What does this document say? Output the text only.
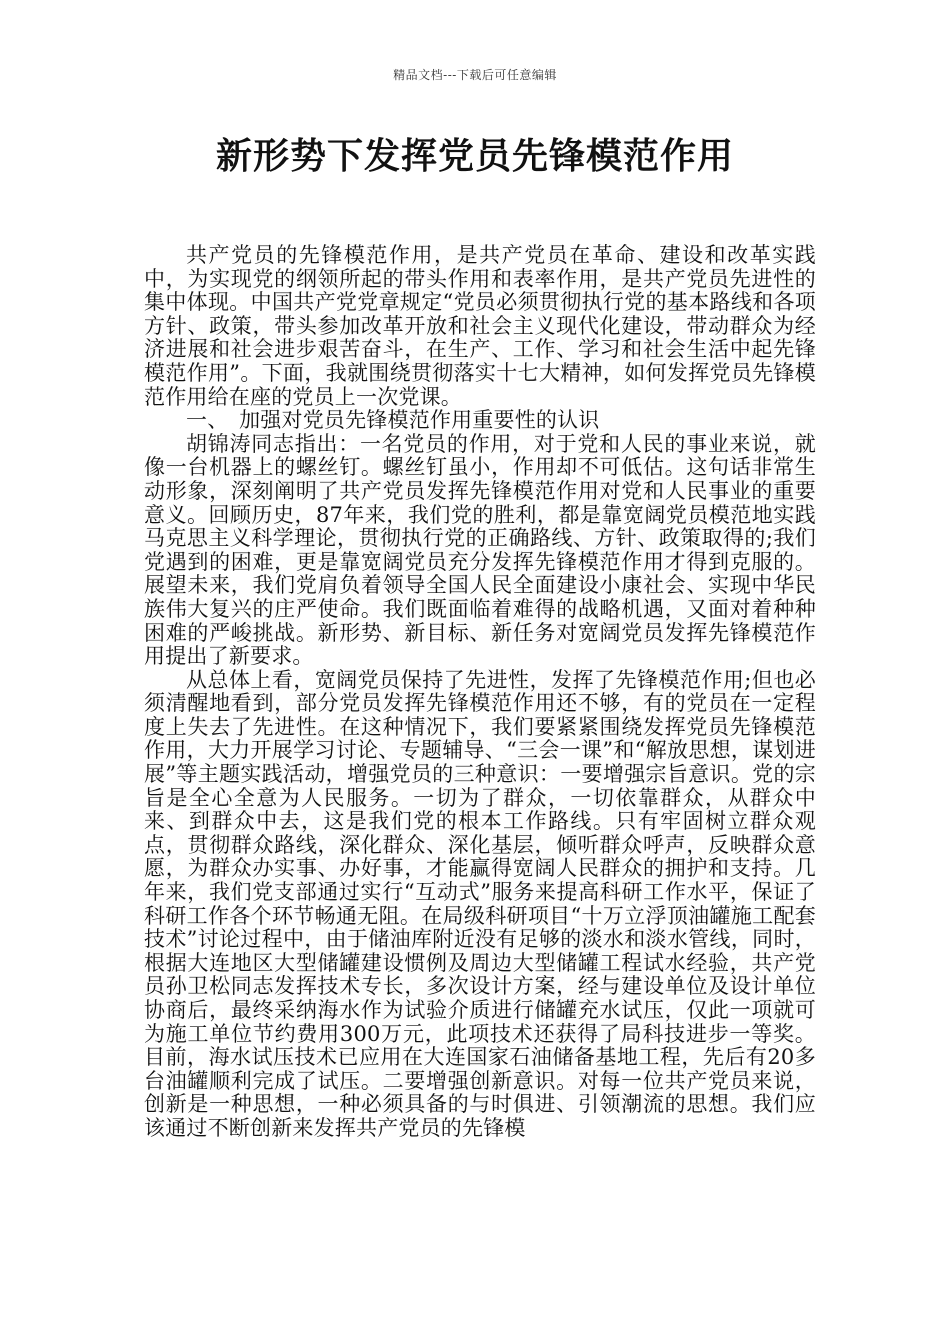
精品文档---下载后可任意编辑
新形势下发挥党员先锋模范作用

共产党员的先锋模范作用，是共产党员在革命、建设和改革实践中，为实现党的纲领所起的带头作用和表率作用，是共产党员先进性的集中体现。中国共产党党章规定“党员必须贯彻执行党的基本路线和各项方针、政策，带头参加改革开放和社会主义现代化建设，带动群众为经济进展和社会进步艰苦奋斗，在生产、工作、学习和社会生活中起先锋模范作用”。下面，我就围绕贯彻落实十七大精神，如何发挥党员先锋模范作用给在座的党员上一次党课。

一、　加强对党员先锋模范作用重要性的认识

胡锦涛同志指出：一名党员的作用，对于党和人民的事业来说，就像一台机器上的螺丝钉。螺丝钉虽小，作用却不可低估。这句话非常生动形象，深刻阐明了共产党员发挥先锋模范作用对党和人民事业的重要意义。回顾历史，87年来，我们党的胜利，都是靠宽阔党员模范地实践马克思主义科学理论，贯彻执行党的正确路线、方针、政策取得的;我们党遇到的困难，更是靠宽阔党员充分发挥先锋模范作用才得到克服的。展望未来，我们党肩负着领导全国人民全面建设小康社会、实现中华民族伟大复兴的庄严使命。我们既面临着难得的战略机遇，又面对着种种困难的严峻挑战。新形势、新目标、新任务对宽阔党员发挥先锋模范作用提出了新要求。

从总体上看，宽阔党员保持了先进性，发挥了先锋模范作用;但也必须清醒地看到，部分党员发挥先锋模范作用还不够，有的党员在一定程度上失去了先进性。在这种情况下，我们要紧紧围绕发挥党员先锋模范作用，大力开展学习讨论、专题辅导、“三会一课”和“解放思想，谋划进展”等主题实践活动，增强党员的三种意识：一要增强宗旨意识。党的宗旨是全心全意为人民服务。一切为了群众，一切依靠群众，从群众中来、到群众中去，这是我们党的根本工作路线。只有牢固树立群众观点，贯彻群众路线，深化群众、深化基层，倾听群众呼声，反映群众意愿，为群众办实事、办好事，才能赢得宽阔人民群众的拥护和支持。几年来，我们党支部通过实行“互动式”服务来提高科研工作水平，保证了科研工作各个环节畅通无阻。在局级科研项目“十万立浮顶油罐施工配套技术”讨论过程中，由于储油库附近没有足够的淡水和淡水管线，同时，根据大连地区大型储罐建设惯例及周边大型储罐工程试水经验，共产党员孙卫松同志发挥技术专长，多次设计方案，经与建设单位及设计单位协商后，最终采纳海水作为试验介质进行储罐充水试压，仅此一项就可为施工单位节约费用300万元，此项技术还获得了局科技进步一等奖。目前，海水试压技术已应用在大连国家石油储备基地工程，先后有20多台油罐顺利完成了试压。二要增强创新意识。对每一位共产党员来说，创新是一种思想，一种必须具备的与时俱进、引领潮流的思想。我们应该通过不断创新来发挥共产党员的先锋模
